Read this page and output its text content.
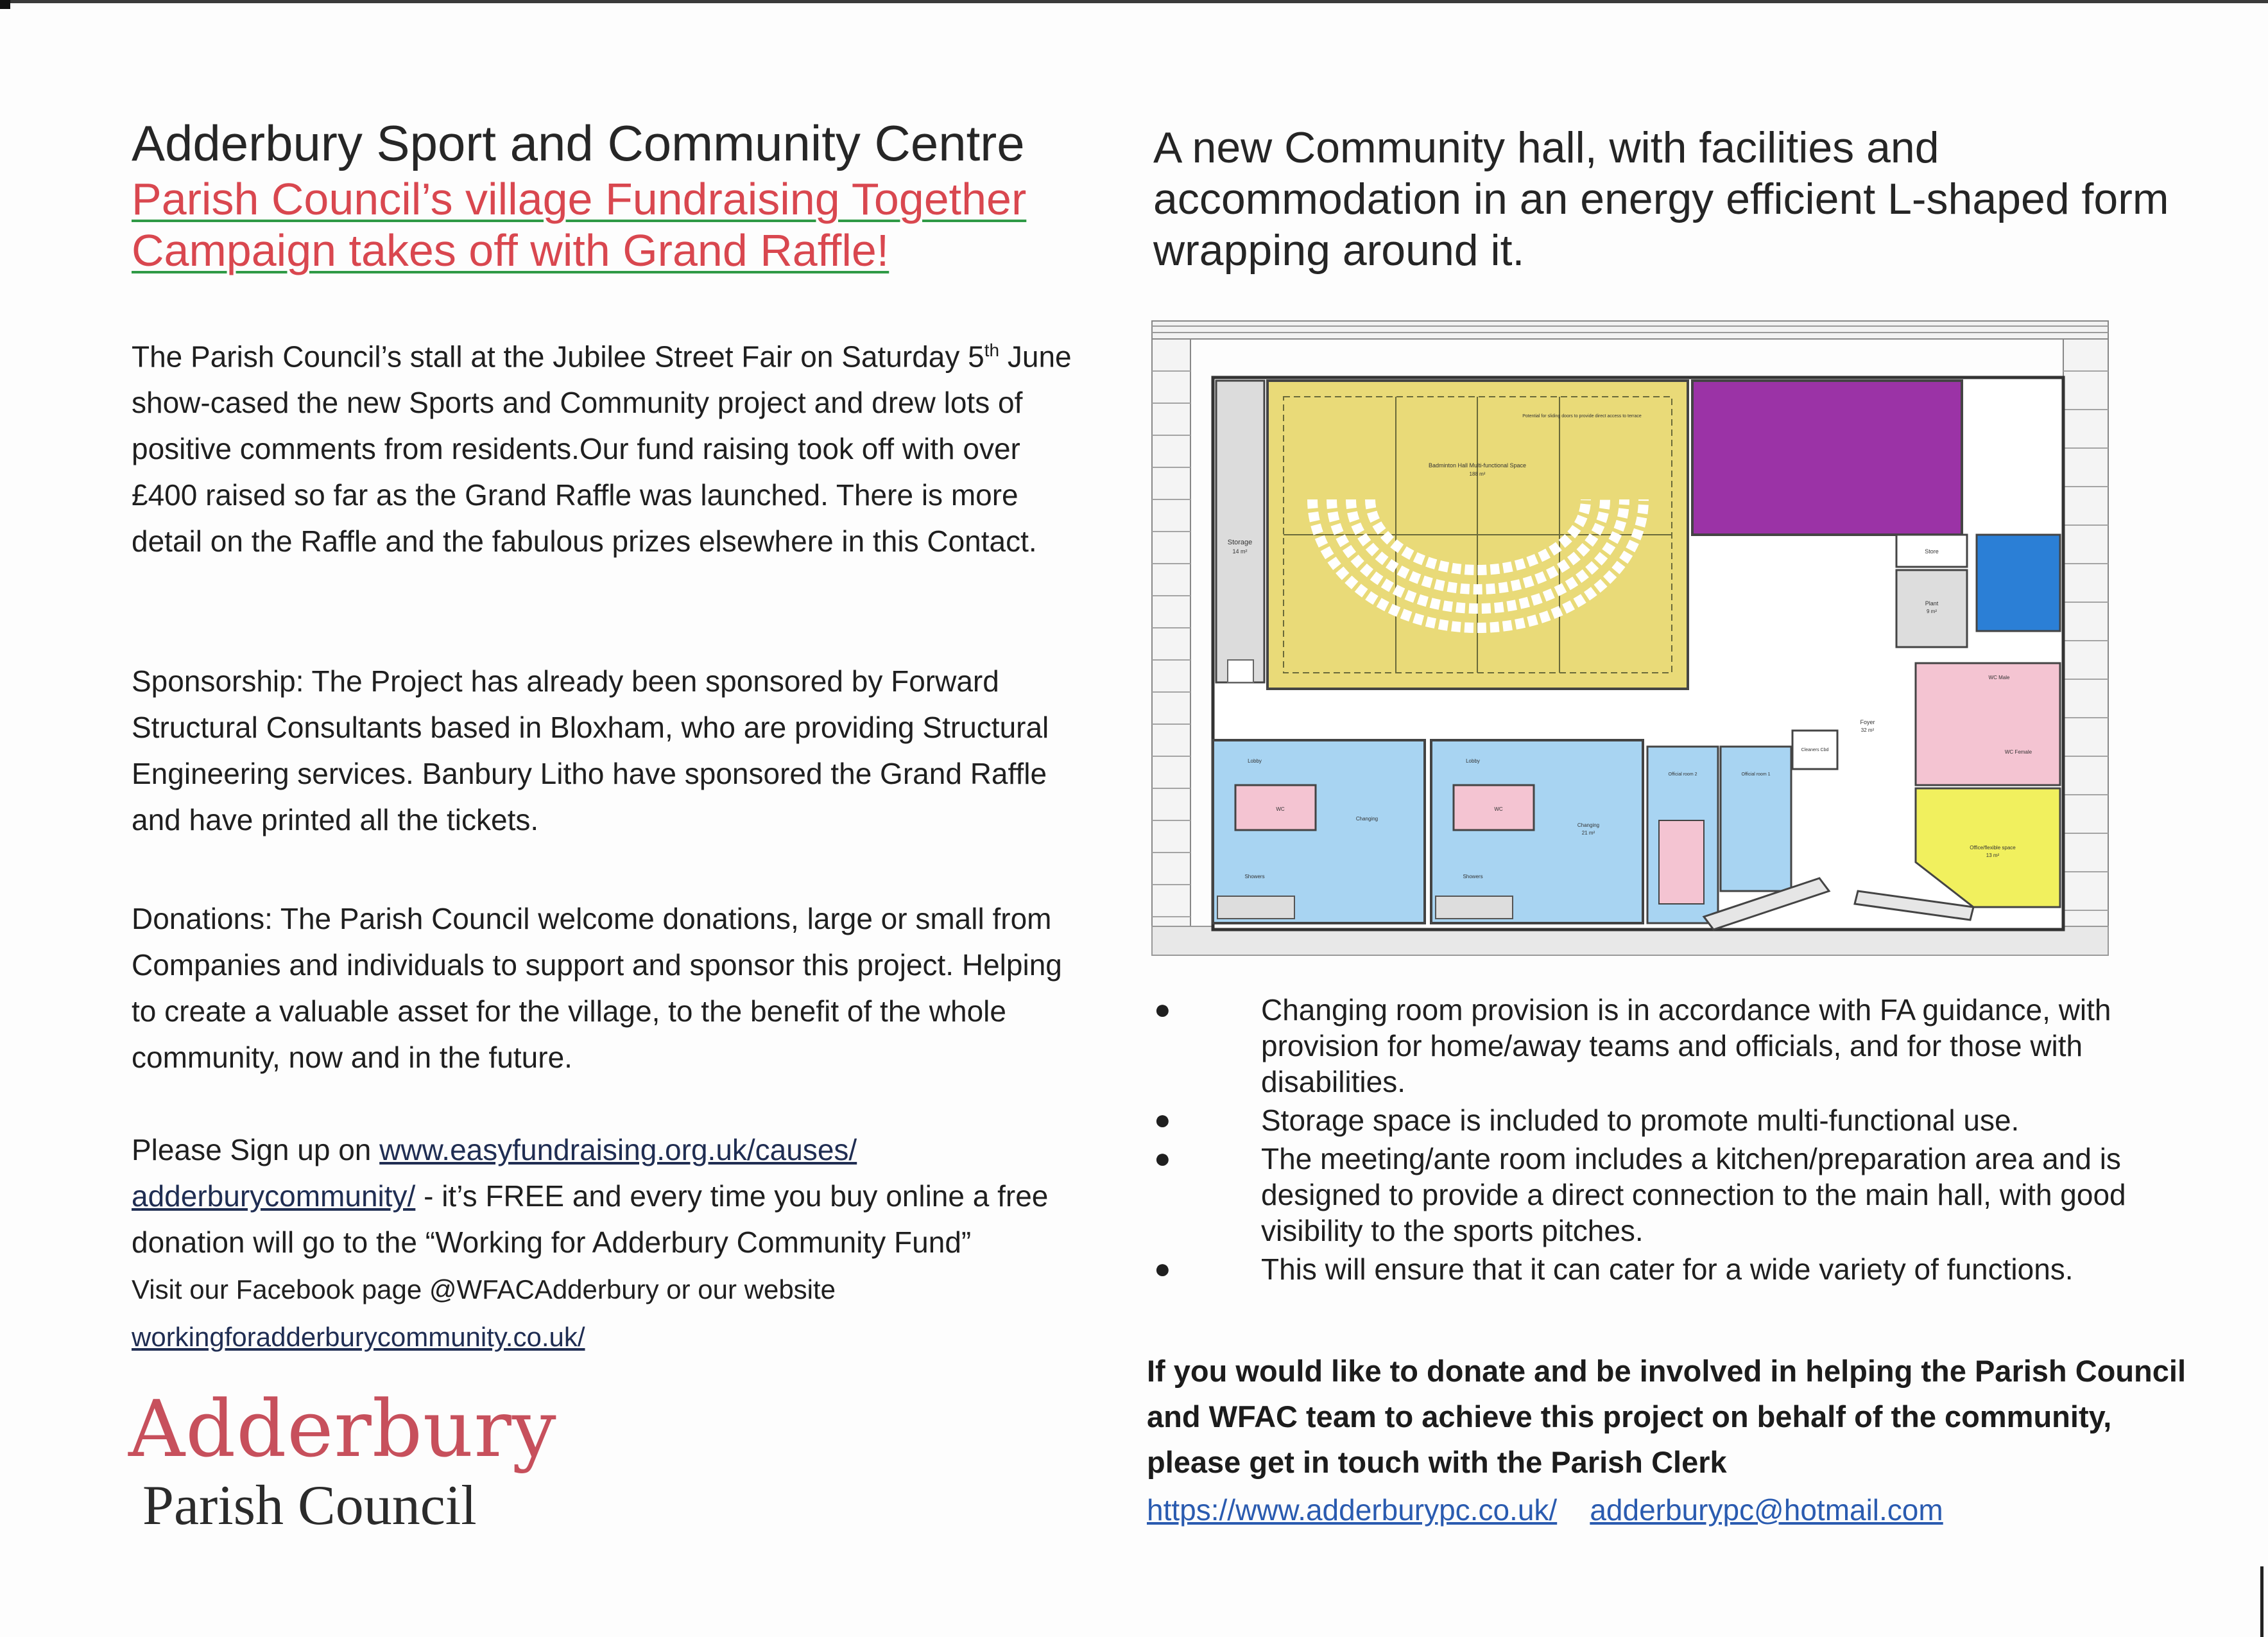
Adderbury Sport and Community Centre
Parish Council’s village Fundraising Together
Campaign takes off with Grand Raffle!
The Parish Council’s stall at the Jubilee Street Fair on Saturday 5th June show-cased the new Sports and Community project and drew lots of positive comments from residents.Our fund raising took off with over £400 raised so far as the Grand Raffle was launched. There is more detail on the Raffle and the fabulous prizes elsewhere in this Contact.
Sponsorship: The Project has already been sponsored by Forward Structural Consultants based in Bloxham, who are providing Structural Engineering services. Banbury Litho have sponsored the Grand Raffle and have printed all the tickets.
Donations: The Parish Council welcome donations, large or small from Companies and individuals to support and sponsor this project. Helping to create a valuable asset for the village, to the benefit of the whole community, now and in the future.
Please Sign up on www.easyfundraising.org.uk/causes/ adderburycommunity/ - it’s FREE and every time you buy online a free donation will go to the “Working for Adderbury Community Fund”
Visit our Facebook page @WFACAdderbury or our website
workingforadderburycommunity.co.uk/
Adderbury
Parish Council
A new Community hall, with facilities and accommodation in an energy efficient L-shaped form wrapping around it.
Storage
14 m²
Badminton Hall Multi-functional Space
188 m²
Potential for sliding doors to provide direct access to terrace
Store
Plant
9 m²
Foyer
32 m²
WC Male
WC Female
Office/flexible space
13 m²
Lobby
WC
Changing
Showers
Lobby
WC
Changing
21 m²
Showers
Official room 2	Official room 1
Cleaners Cbd
●	Changing room provision is in accordance with FA guidance, with provision for home/away teams and officials, and for those with disabilities.
●	Storage space is included to promote multi-functional use.
●	The meeting/ante room includes a kitchen/preparation area and is designed to provide a direct connection to the main hall, with good visibility to the sports pitches.
●	This will ensure that it can cater for a wide variety of functions.
If you would like to donate and be involved in helping the Parish Council and WFAC team to achieve this project on behalf of the community, please get in touch with the Parish Clerk
https://www.adderburypc.co.uk/ adderburypc@hotmail.com
